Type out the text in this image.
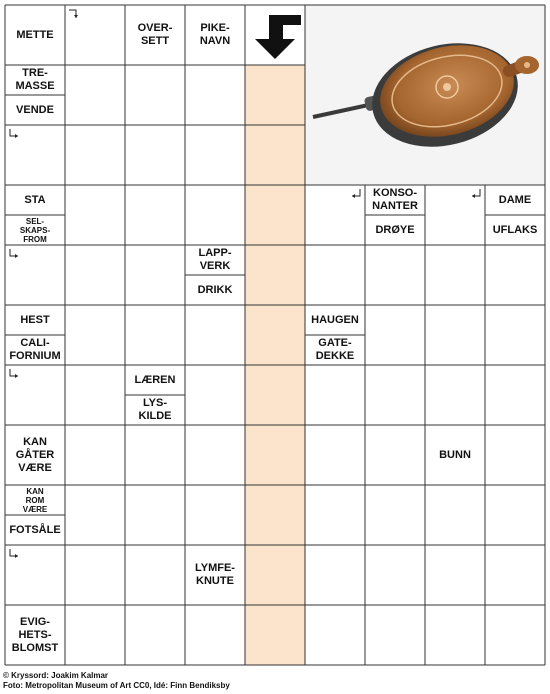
METTE
OVER-
SETT
PIKE-
NAVN
TRE-
MASSE
VENDE
STA
SEL-
SKAPS-
FROM
KONSO-
NANTER
DRØYE
DAME
UFLAKS
LAPP-
VERK
DRIKK
HEST
CALI-
FORNIUM
HAUGEN
GATE-
DEKKE
LÆREN
LYS-
KILDE
KAN
GÅTER
VÆRE
BUNN
KAN
ROM
VÆRE
FOTSÅLE
LYMFE-
KNUTE
EVIG-
HETS-
BLOMST
© Kryssord: Joakim Kalmar
Foto: Metropolitan Museum of Art CC0, Idé: Finn Bendiksby
